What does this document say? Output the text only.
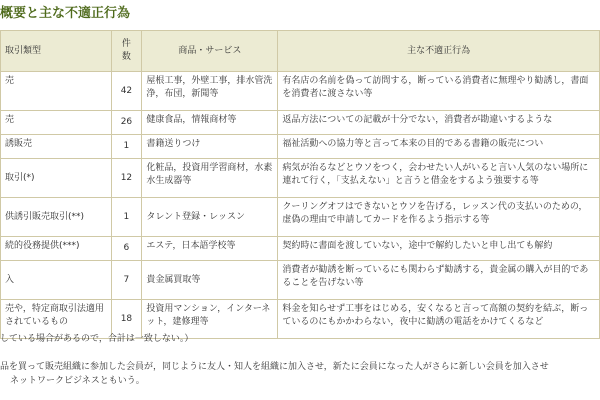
概要と主な不適正行為
取引類型	件数	商品・サービス	主な不適正行為
売	42	屋根工事，外壁工事，排水管洗浄，布団，新聞等	有名店の名前を偽って訪問する，断っている消費者に無理やり勧誘し，書面を消費者に渡さない等
売	26	健康食品，情報商材等	返品方法についての記載が十分でない，消費者が勘違いするような
誘販売	1	書籍送りつけ	福祉活動への協力等と言って本来の目的である書籍の販売につい
取引(*)	12	化粧品，投資用学習商材，水素水生成器等	病気が治るなどとウソをつく，会わせたい人がいると言い人気のない場所に連れて行く，「支払えない」と言うと借金をするよう強要する等
供誘引販売取引(**)	1	タレント登録・レッスン	クーリングオフはできないとウソを告げる，レッスン代の支払いのための，虚偽の理由で申請してカードを作るよう指示する等
続的役務提供(***)	6	エステ，日本語学校等	契約時に書面を渡していない，途中で解約したいと申し出ても解約
入	7	貴金属買取等	消費者が勧誘を断っているにも関わらず勧誘する，貴金属の購入が目的であることを告げない等
売や，特定商取引法適用されているもの	18	投資用マンション，インターネット，建修理等	料金を知らせず工事をはじめる，安くなると言って高額の契約を結ぶ，断っているのにもかかわらない，夜中に勧誘の電話をかけてくるなど
している場合があるので，合計は一致しない。）
品を買って販売組織に参加した会員が，同じように友人・知人を組織に加入させ，新たに会員になった人がさらに新しい会員を加入させ
ネットワークビジネスともいう。
